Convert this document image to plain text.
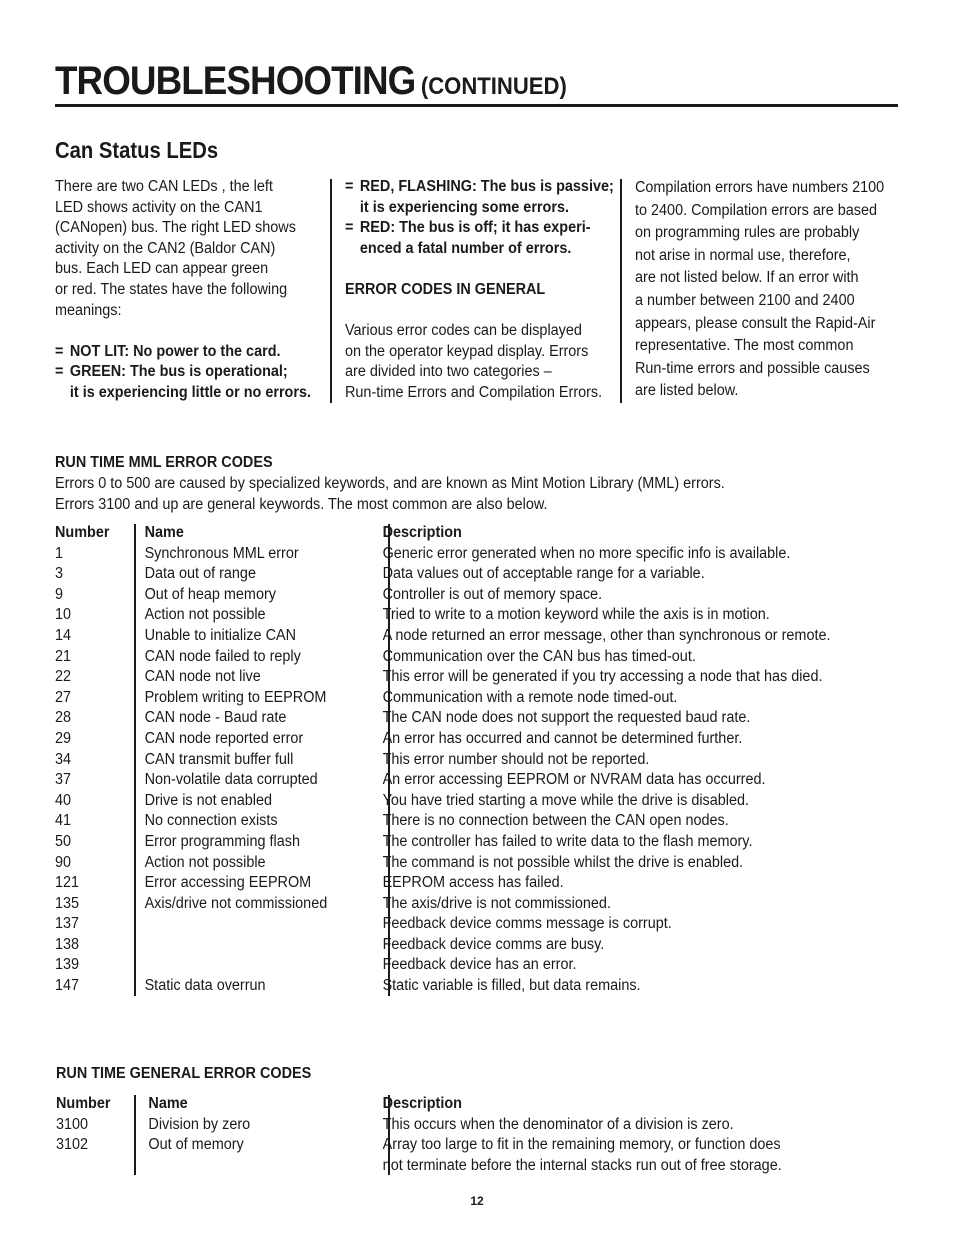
TROUBLESHOOTING (CONTINUED)
Can Status LEDs

There are two CAN LEDs , the left

LED shows activity on the CAN1

(CANopen) bus. The right LED shows

activity on the CAN2 (Baldor CAN)

bus. Each LED can appear green

or red. The states have the following

meanings:

= NOT LIT: No power to the card.

= GREEN: The bus is operational;

it is experiencing little or no errors.

= RED, FLASHING: The bus is passive;

it is experiencing some errors.

= RED: The bus is off; it has experi-

enced a fatal number of errors.

ERROR CODES IN GENERAL

Various error codes can be displayed

on the operator keypad display. Errors

are divided into two categories –

Run-time Errors and Compilation Errors.

Compilation errors have numbers 2100

to 2400. Compilation errors are based

on programming rules are probably

not arise in normal use, therefore,

are not listed below. If an error with

a number between 2100 and 2400

appears, please consult the Rapid-Air

representative. The most common

Run-time errors and possible causes

are listed below.

RUN TIME MML ERROR CODES
Errors 0 to 500 are caused by specialized keywords, and are known as Mint Motion Library (MML) errors.
Errors 3100 and up are general keywords. The most common are also below.
Number	Name	Description
1	Synchronous MML error	Generic error generated when no more specific info is available.
3	Data out of range	Data values out of acceptable range for a variable.
9	Out of heap memory	Controller is out of memory space.
10	Action not possible	Tried to write to a motion keyword while the axis is in motion.
14	Unable to initialize CAN	A node returned an error message, other than synchronous or remote.
21	CAN node failed to reply	Communication over the CAN bus has timed-out.
22	CAN node not live	This error will be generated if you try accessing a node that has died.
27	Problem writing to EEPROM	Communication with a remote node timed-out.
28	CAN node - Baud rate	The CAN node does not support the requested baud rate.
29	CAN node reported error	An error has occurred and cannot be determined further.
34	CAN transmit buffer full	This error number should not be reported.
37	Non-volatile data corrupted	An error accessing EEPROM or NVRAM data has occurred.
40	Drive is not enabled	You have tried starting a move while the drive is disabled.
41	No connection exists	There is no connection between the CAN open nodes.
50	Error programming flash	The controller has failed to write data to the flash memory.
90	Action not possible	The command is not possible whilst the drive is enabled.
121	Error accessing EEPROM	EEPROM access has failed.
135	Axis/drive not commissioned	The axis/drive is not commissioned.
137		Feedback device comms message is corrupt.
138		Feedback device comms are busy.
139		Feedback device has an error.
147	Static data overrun	Static variable is filled, but data remains.
RUN TIME GENERAL ERROR CODES
Number	Name	Description
3100	Division by zero	This occurs when the denominator of a division is zero.

3102	Out of memory	Array too large to fit in the remaining memory, or function does
not terminate before the internal stacks run out of free storage.
12
